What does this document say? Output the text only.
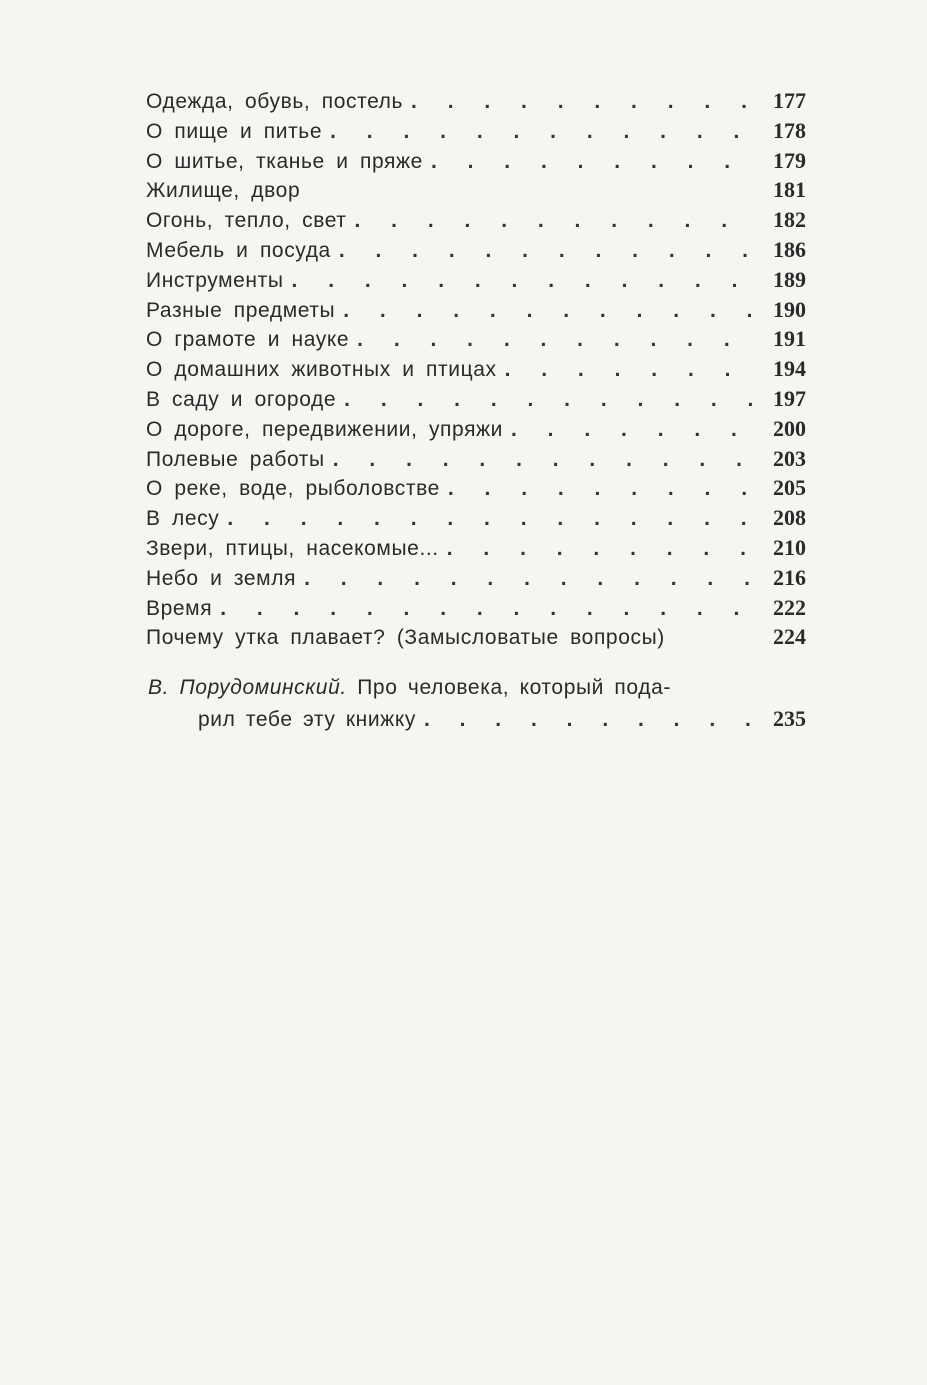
Одежда, обувь, постель . . .	177
О пище и питье . . .	178
О шитье, тканье и пряже . . .	179
Жилище, двор	181
Огонь, тепло, свет . . .	182
Мебель и посуда . . .	186
Инструменты . . .	189
Разные предметы . . .	190
О грамоте и науке . . .	191
О домашних животных и птицах . . .	194
В саду и огороде . . .	197
О дороге, передвижении, упряжи . . .	200
Полевые работы . . .	203
О реке, воде, рыболовстве . . .	205
В лесу . . .	208
Звери, птицы, насекомые... . . .	210
Небо и земля . . .	216
Время . . .	222
Почему утка плавает? (Замысловатые вопросы)	224
В. Порудоминский. Про человека, который пода-
рил тебе эту книжку . . .	235
